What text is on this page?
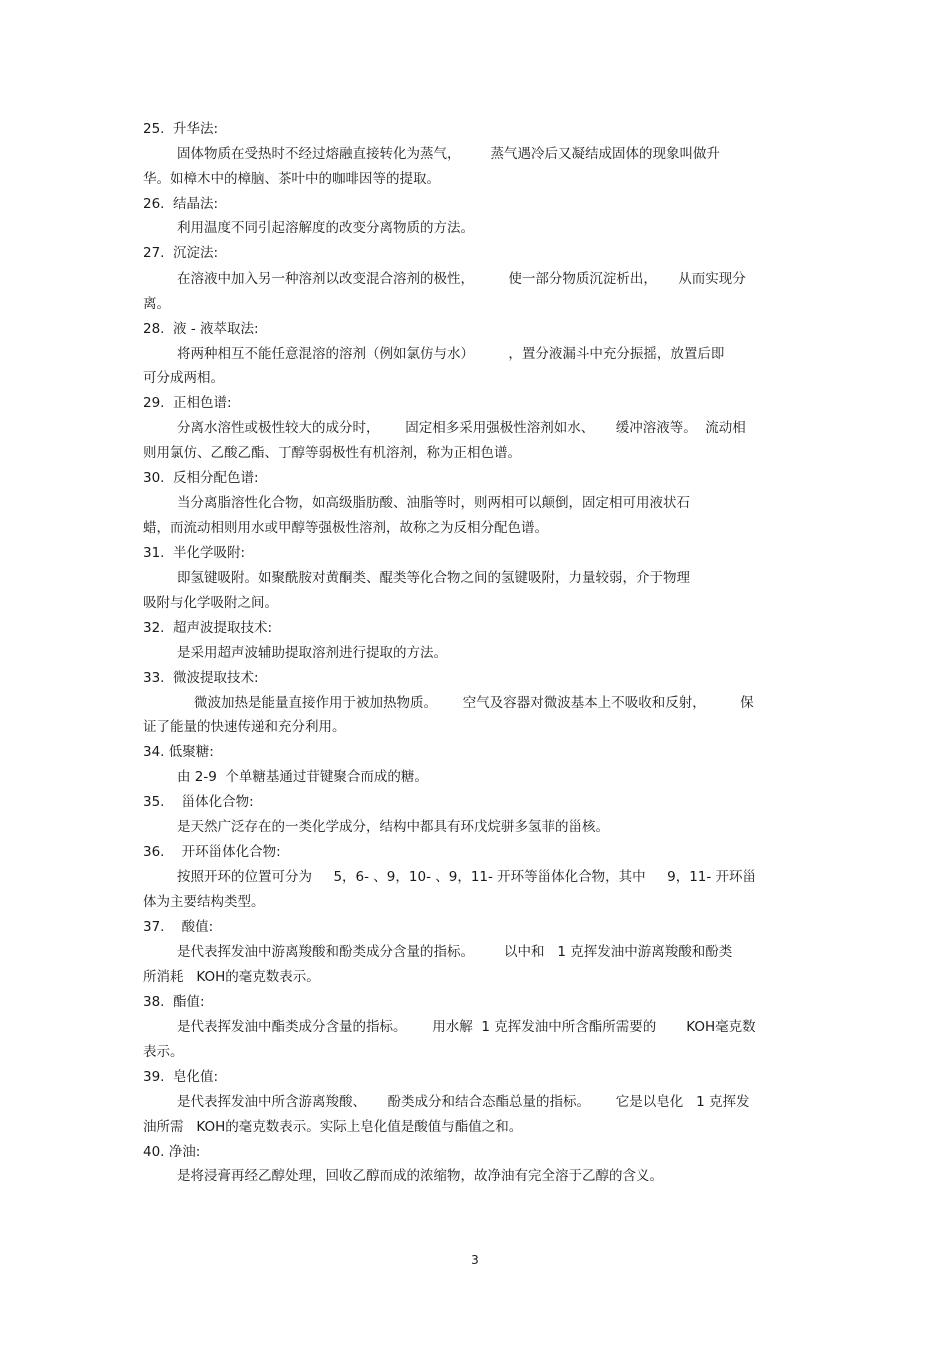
25.  升华法:
固体物质在受热时不经过熔融直接转化为蒸气，       蒸气遇冷后又凝结成固体的现象叫做升
华。如樟木中的樟脑、茶叶中的咖啡因等的提取。
26.  结晶法:
利用温度不同引起溶解度的改变分离物质的方法。
27.  沉淀法:
在溶液中加入另一种溶剂以改变混合溶剂的极性，        使一部分物质沉淀析出，     从而实现分
离。
28.  液 - 液萃取法:
将两种相互不能任意混溶的溶剂（例如氯仿与水）        ，置分液漏斗中充分振摇，放置后即
可分成两相。
29.  正相色谱:
分离水溶性或极性较大的成分时，      固定相多采用强极性溶剂如水、     缓冲溶液等。  流动相
则用氯仿、乙酸乙酯、丁醇等弱极性有机溶剂，称为正相色谱。
30.  反相分配色谱:
当分离脂溶性化合物，如高级脂肪酸、油脂等时，则两相可以颠倒，固定相可用液状石
蜡，而流动相则用水或甲醇等强极性溶剂，故称之为反相分配色谱。
31.  半化学吸附:
即氢键吸附。如聚酰胺对黄酮类、醌类等化合物之间的氢键吸附，力量较弱，介于物理
吸附与化学吸附之间。
32.  超声波提取技术:
是采用超声波辅助提取溶剂进行提取的方法。
33.  微波提取技术:
微波加热是能量直接作用于被加热物质。      空气及容器对微波基本上不吸收和反射，        保
证了能量的快速传递和充分利用。
34. 低聚糖:
由 2-9  个单糖基通过苷键聚合而成的糖。
35.    甾体化合物:
是天然广泛存在的一类化学成分，结构中都具有环戊烷骈多氢菲的甾核。
36.    开环甾体化合物:
按照开环的位置可分为     5，6- 、9，10- 、9，11- 开环等甾体化合物，其中     9，11- 开环甾
体为主要结构类型。
37.    酸值:
是代表挥发油中游离羧酸和酚类成分含量的指标。       以中和   1 克挥发油中游离羧酸和酚类
所消耗   KOH的毫克数表示。
38.  酯值:
是代表挥发油中酯类成分含量的指标。      用水解  1 克挥发油中所含酯所需要的       KOH毫克数
表示。
39.  皂化值:
是代表挥发油中所含游离羧酸、     酚类成分和结合态酯总量的指标。      它是以皂化   1 克挥发
油所需   KOH的毫克数表示。实际上皂化值是酸值与酯值之和。
40. 净油:
是将浸膏再经乙醇处理，回收乙醇而成的浓缩物，故净油有完全溶于乙醇的含义。
3
